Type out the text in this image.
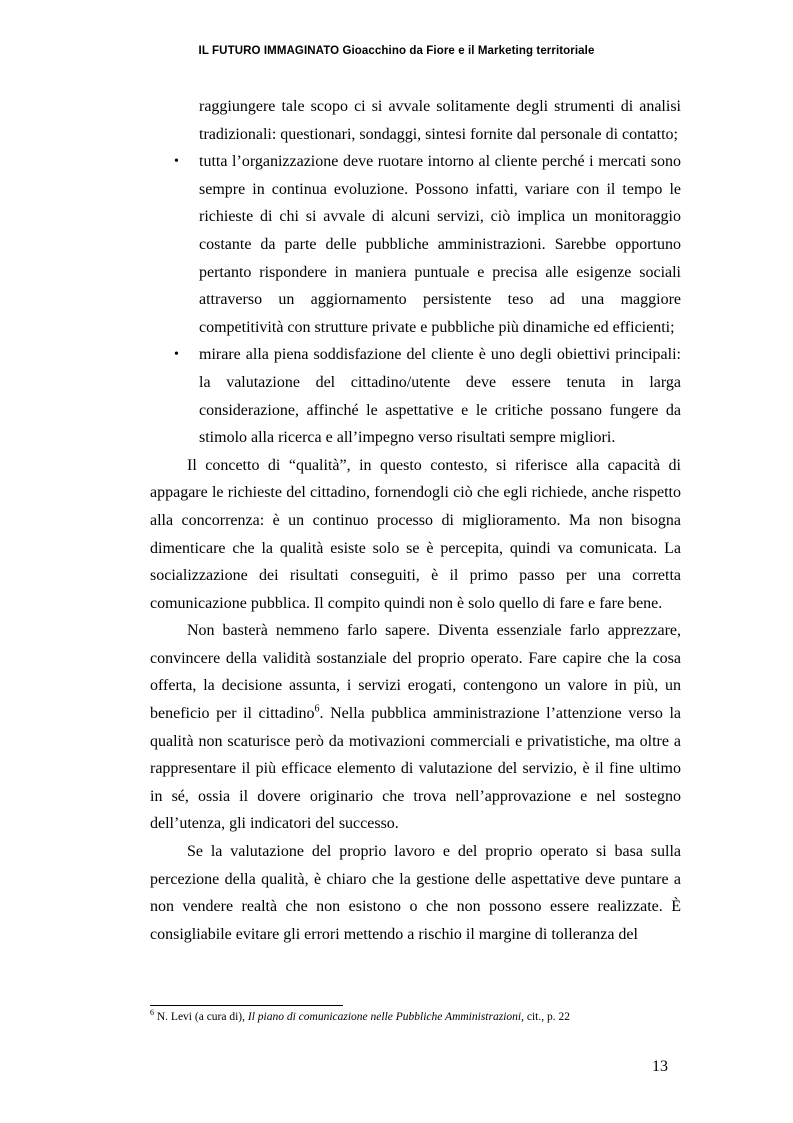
IL FUTURO IMMAGINATO Gioacchino da Fiore e il Marketing territoriale

raggiungere tale scopo ci si avvale solitamente degli strumenti di analisi tradizionali: questionari, sondaggi, sintesi fornite dal personale di contatto;

• tutta l’organizzazione deve ruotare intorno al cliente perché i mercati sono sempre in continua evoluzione. Possono infatti, variare con il tempo le richieste di chi si avvale di alcuni servizi, ciò implica un monitoraggio costante da parte delle pubbliche amministrazioni. Sarebbe opportuno pertanto rispondere in maniera puntuale e precisa alle esigenze sociali attraverso un aggiornamento persistente teso ad una maggiore competitività con strutture private e pubbliche più dinamiche ed efficienti;
• mirare alla piena soddisfazione del cliente è uno degli obiettivi principali: la valutazione del cittadino/utente deve essere tenuta in larga considerazione, affinché le aspettative e le critiche possano fungere da stimolo alla ricerca e all’impegno verso risultati sempre migliori.

Il concetto di “qualità”, in questo contesto, si riferisce alla capacità di appagare le richieste del cittadino, fornendogli ciò che egli richiede, anche rispetto alla concorrenza: è un continuo processo di miglioramento. Ma non bisogna dimenticare che la qualità esiste solo se è percepita, quindi va comunicata. La socializzazione dei risultati conseguiti, è il primo passo per una corretta comunicazione pubblica. Il compito quindi non è solo quello di fare e fare bene.

Non basterà nemmeno farlo sapere. Diventa essenziale farlo apprezzare, convincere della validità sostanziale del proprio operato. Fare capire che la cosa offerta, la decisione assunta, i servizi erogati, contengono un valore in più, un beneficio per il cittadino$^6$. Nella pubblica amministrazione l’attenzione verso la qualità non scaturisce però da motivazioni commerciali e privatistiche, ma oltre a rappresentare il più efficace elemento di valutazione del servizio, è il fine ultimo in sé, ossia il dovere originario che trova nell’approvazione e nel sostegno dell’utenza, gli indicatori del successo.

Se la valutazione del proprio lavoro e del proprio operato si basa sulla percezione della qualità, è chiaro che la gestione delle aspettative deve puntare a non vendere realtà che non esistono o che non possono essere realizzate. È consigliabile evitare gli errori mettendo a rischio il margine di tolleranza del

$^6$ N. Levi (a cura di), Il piano di comunicazione nelle Pubbliche Amministrazioni, cit., p. 22
13
